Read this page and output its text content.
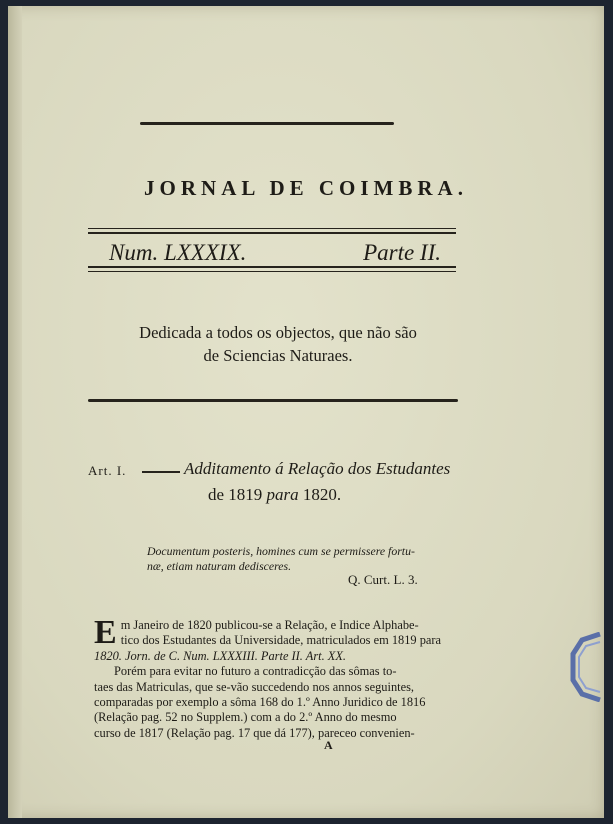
JORNAL DE COIMBRA.
Num. LXXXIX.	Parte II.
Dedicada a todos os objectos, que não são
de Sciencias Naturaes.
Art. I.	Additamento á Relação dos Estudantes
de 1819 para 1820.
Documentum posteris, homines cum se permissere fortu-
næ, etiam naturam dedisceres.
Q. Curt. L. 3.
E m Janeiro de 1820 publicou-se a Relação, e Indice Alphabe-
tico dos Estudantes da Universidade, matriculados em 1819 para
1820. Jorn. de C. Num. LXXXIII. Parte II. Art. XX.
Porém para evitar no futuro a contradicção das sômas to-
taes das Matriculas, que se-vão succedendo nos annos seguintes,
comparadas por exemplo a sôma 168 do 1.º Anno Juridico de 1816
(Relação pag. 52 no Supplem.) com a do 2.º Anno do mesmo
curso de 1817 (Relação pag. 17 que dá 177), pareceo convenien-
A
